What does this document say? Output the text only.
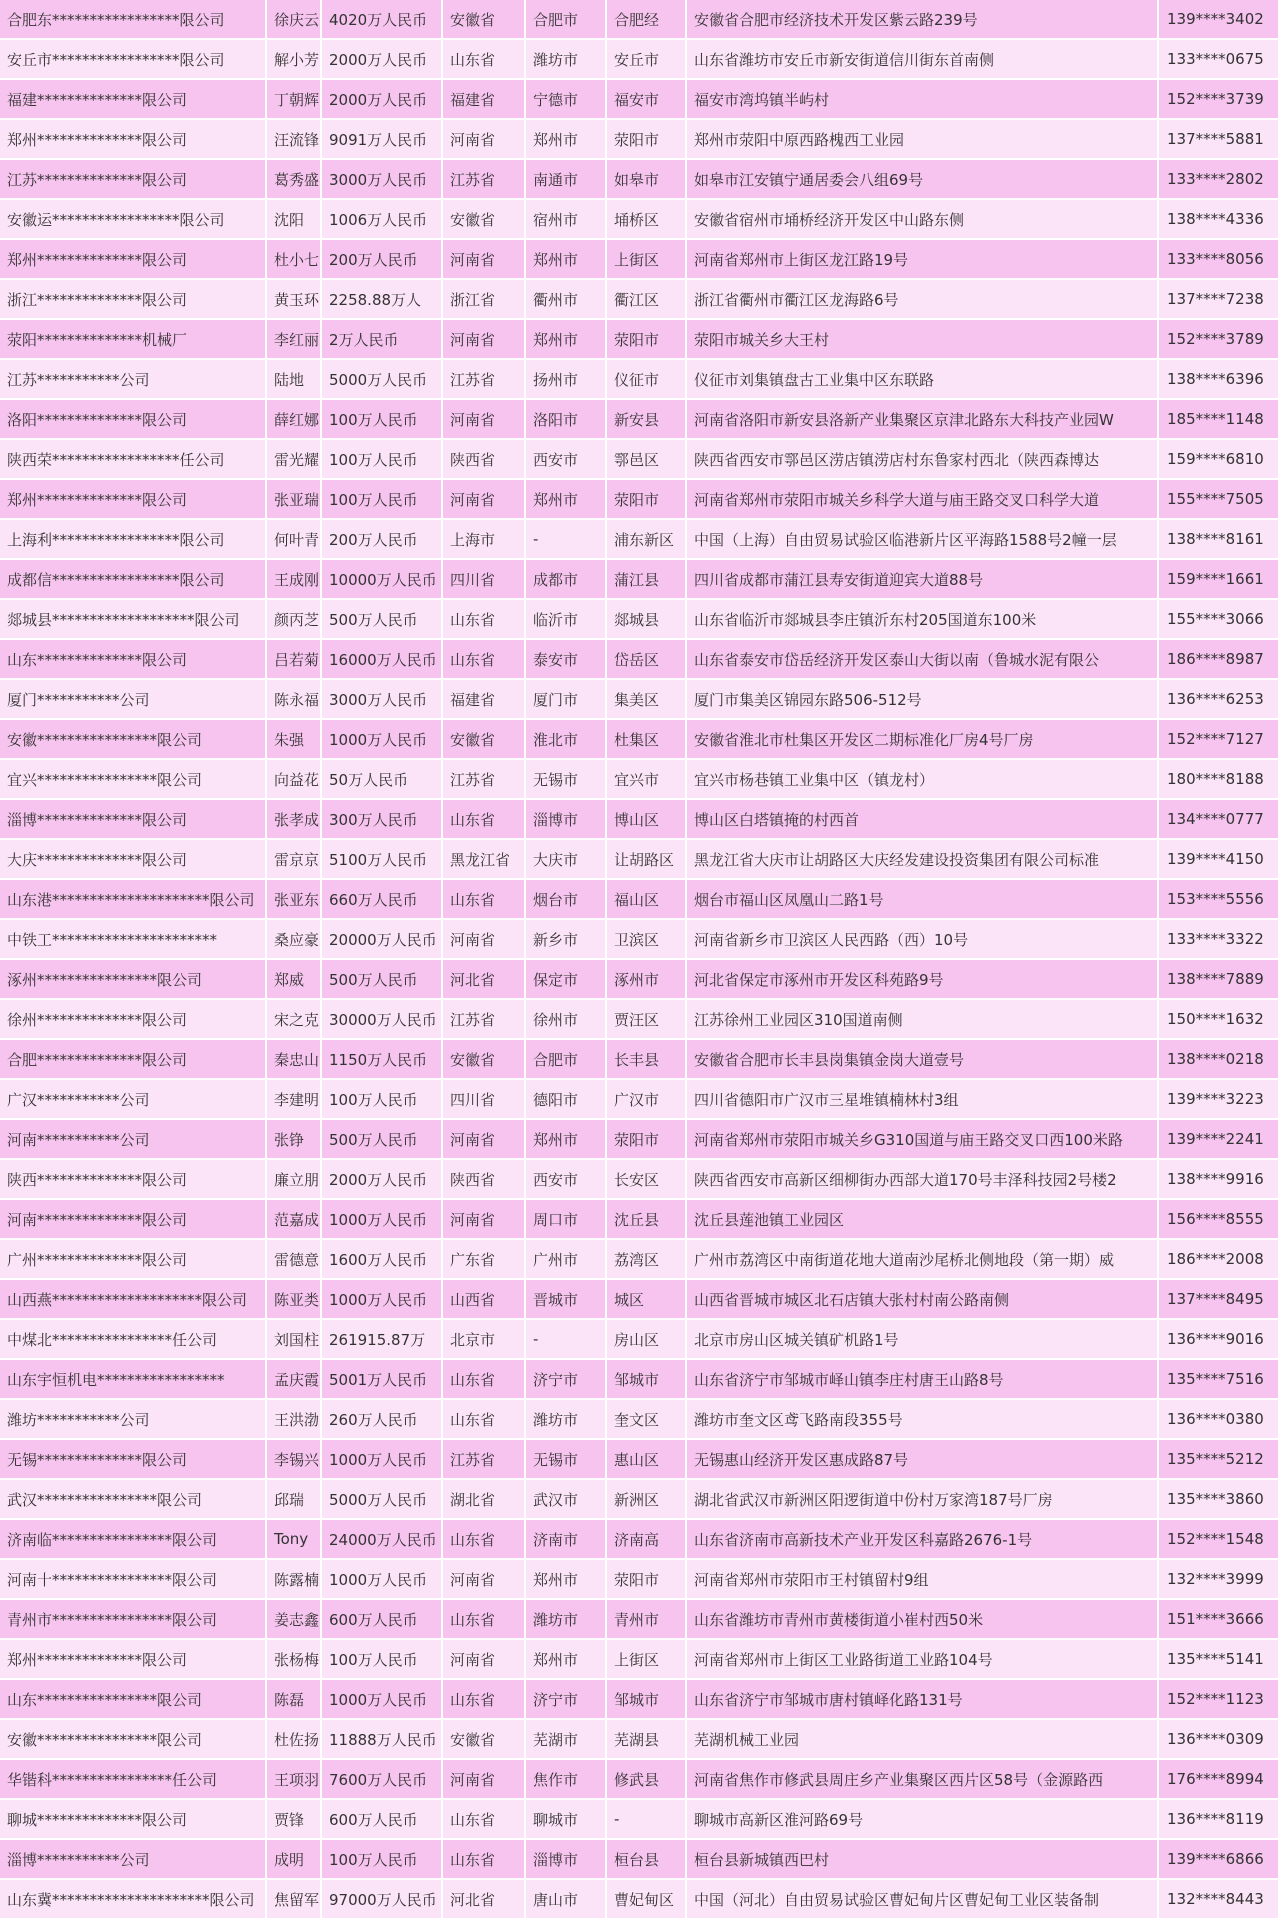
合肥东*****************限公司	徐庆云	4020万人民币	安徽省	合肥市	合肥经	安徽省合肥市经济技术开发区紫云路239号	139****3402
安丘市*****************限公司	解小芳	2000万人民币	山东省	潍坊市	安丘市	山东省潍坊市安丘市新安街道信川街东首南侧	133****0675
福建**************限公司	丁朝辉	2000万人民币	福建省	宁德市	福安市	福安市湾坞镇半屿村	152****3739
郑州**************限公司	汪流锋	9091万人民币	河南省	郑州市	荥阳市	郑州市荥阳中原西路槐西工业园	137****5881
江苏**************限公司	葛秀盛	3000万人民币	江苏省	南通市	如皋市	如皋市江安镇宁通居委会八组69号	133****2802
安徽运*****************限公司	沈阳	1006万人民币	安徽省	宿州市	埇桥区	安徽省宿州市埇桥经济开发区中山路东侧	138****4336
郑州**************限公司	杜小七	200万人民币	河南省	郑州市	上街区	河南省郑州市上街区龙江路19号	133****8056
浙江**************限公司	黄玉环	2258.88万人	浙江省	衢州市	衢江区	浙江省衢州市衢江区龙海路6号	137****7238
荥阳**************机械厂	李红丽	2万人民币	河南省	郑州市	荥阳市	荥阳市城关乡大王村	152****3789
江苏***********公司	陆地	5000万人民币	江苏省	扬州市	仪征市	仪征市刘集镇盘古工业集中区东联路	138****6396
洛阳**************限公司	薛红娜	100万人民币	河南省	洛阳市	新安县	河南省洛阳市新安县洛新产业集聚区京津北路东大科技产业园W	185****1148
陕西荣*****************任公司	雷光耀	100万人民币	陕西省	西安市	鄠邑区	陕西省西安市鄠邑区涝店镇涝店村东鲁家村西北（陕西森博达	159****6810
郑州**************限公司	张亚瑞	100万人民币	河南省	郑州市	荥阳市	河南省郑州市荥阳市城关乡科学大道与庙王路交叉口科学大道	155****7505
上海利*****************限公司	何叶青	200万人民币	上海市	-	浦东新区	中国（上海）自由贸易试验区临港新片区平海路1588号2幢一层	138****8161
成都信*****************限公司	王成刚	10000万人民币	四川省	成都市	蒲江县	四川省成都市蒲江县寿安街道迎宾大道88号	159****1661
郯城县*******************限公司	颜丙芝	500万人民币	山东省	临沂市	郯城县	山东省临沂市郯城县李庄镇沂东村205国道东100米	155****3066
山东**************限公司	吕若菊	16000万人民币	山东省	泰安市	岱岳区	山东省泰安市岱岳经济开发区泰山大街以南（鲁城水泥有限公	186****8987
厦门***********公司	陈永福	3000万人民币	福建省	厦门市	集美区	厦门市集美区锦园东路506-512号	136****6253
安徽****************限公司	朱强	1000万人民币	安徽省	淮北市	杜集区	安徽省淮北市杜集区开发区二期标准化厂房4号厂房	152****7127
宜兴****************限公司	向益花	50万人民币	江苏省	无锡市	宜兴市	宜兴市杨巷镇工业集中区（镇龙村）	180****8188
淄博**************限公司	张孝成	300万人民币	山东省	淄博市	博山区	博山区白塔镇掩的村西首	134****0777
大庆**************限公司	雷京京	5100万人民币	黑龙江省	大庆市	让胡路区	黑龙江省大庆市让胡路区大庆经发建设投资集团有限公司标准	139****4150
山东港*********************限公司	张亚东	660万人民币	山东省	烟台市	福山区	烟台市福山区凤凰山二路1号	153****5556
中铁工**********************	桑应豪	20000万人民币	河南省	新乡市	卫滨区	河南省新乡市卫滨区人民西路（西）10号	133****3322
涿州****************限公司	郑威	500万人民币	河北省	保定市	涿州市	河北省保定市涿州市开发区科苑路9号	138****7889
徐州**************限公司	宋之克	30000万人民币	江苏省	徐州市	贾汪区	江苏徐州工业园区310国道南侧	150****1632
合肥**************限公司	秦忠山	1150万人民币	安徽省	合肥市	长丰县	安徽省合肥市长丰县岗集镇金岗大道壹号	138****0218
广汉***********公司	李建明	100万人民币	四川省	德阳市	广汉市	四川省德阳市广汉市三星堆镇楠林村3组	139****3223
河南***********公司	张铮	500万人民币	河南省	郑州市	荥阳市	河南省郑州市荥阳市城关乡G310国道与庙王路交叉口西100米路	139****2241
陕西**************限公司	廉立朋	2000万人民币	陕西省	西安市	长安区	陕西省西安市高新区细柳街办西部大道170号丰泽科技园2号楼2	138****9916
河南**************限公司	范嘉成	1000万人民币	河南省	周口市	沈丘县	沈丘县莲池镇工业园区	156****8555
广州**************限公司	雷德意	1600万人民币	广东省	广州市	荔湾区	广州市荔湾区中南街道花地大道南沙尾桥北侧地段（第一期）威	186****2008
山西燕********************限公司	陈亚类	1000万人民币	山西省	晋城市	城区	山西省晋城市城区北石店镇大张村村南公路南侧	137****8495
中煤北****************任公司	刘国柱	261915.87万	北京市	-	房山区	北京市房山区城关镇矿机路1号	136****9016
山东宇恒机电*****************	孟庆霞	5001万人民币	山东省	济宁市	邹城市	山东省济宁市邹城市峄山镇李庄村唐王山路8号	135****7516
潍坊***********公司	王洪渤	260万人民币	山东省	潍坊市	奎文区	潍坊市奎文区鸢飞路南段355号	136****0380
无锡**************限公司	李锡兴	1000万人民币	江苏省	无锡市	惠山区	无锡惠山经济开发区惠成路87号	135****5212
武汉****************限公司	邱瑞	5000万人民币	湖北省	武汉市	新洲区	湖北省武汉市新洲区阳逻街道中份村万家湾187号厂房	135****3860
济南临****************限公司	Tony	24000万人民币	山东省	济南市	济南高	山东省济南市高新技术产业开发区科嘉路2676-1号	152****1548
河南十****************限公司	陈露楠	1000万人民币	河南省	郑州市	荥阳市	河南省郑州市荥阳市王村镇留村9组	132****3999
青州市****************限公司	姜志鑫	600万人民币	山东省	潍坊市	青州市	山东省潍坊市青州市黄楼街道小崔村西50米	151****3666
郑州**************限公司	张杨梅	100万人民币	河南省	郑州市	上街区	河南省郑州市上街区工业路街道工业路104号	135****5141
山东****************限公司	陈磊	1000万人民币	山东省	济宁市	邹城市	山东省济宁市邹城市唐村镇峄化路131号	152****1123
安徽****************限公司	杜佐扬	11888万人民币	安徽省	芜湖市	芜湖县	芜湖机械工业园	136****0309
华锴科****************任公司	王项羽	7600万人民币	河南省	焦作市	修武县	河南省焦作市修武县周庄乡产业集聚区西片区58号（金源路西	176****8994
聊城**************限公司	贾锋	600万人民币	山东省	聊城市	-	聊城市高新区淮河路69号	136****8119
淄博***********公司	成明	100万人民币	山东省	淄博市	桓台县	桓台县新城镇西巴村	139****6866
山东冀*********************限公司	焦留军	97000万人民币	河北省	唐山市	曹妃甸区	中国（河北）自由贸易试验区曹妃甸片区曹妃甸工业区装备制	132****8443
